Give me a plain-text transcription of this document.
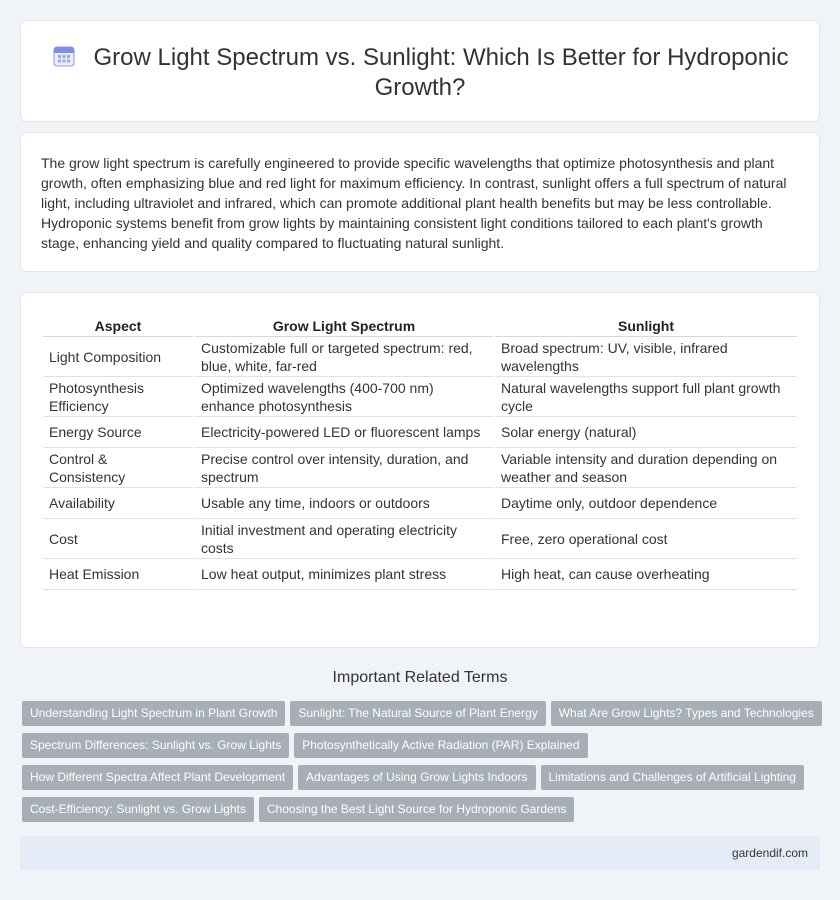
Grow Light Spectrum vs. Sunlight: Which Is Better for Hydroponic Growth?

The grow light spectrum is carefully engineered to provide specific wavelengths that optimize photosynthesis and plant growth, often emphasizing blue and red light for maximum efficiency. In contrast, sunlight offers a full spectrum of natural light, including ultraviolet and infrared, which can promote additional plant health benefits but may be less controllable. Hydroponic systems benefit from grow lights by maintaining consistent light conditions tailored to each plant's growth stage, enhancing yield and quality compared to fluctuating natural sunlight.

Aspect	Grow Light Spectrum	Sunlight
Light Composition	Customizable full or targeted spectrum: red, blue, white, far-red	Broad spectrum: UV, visible, infrared wavelengths
Photosynthesis Efficiency	Optimized wavelengths (400-700 nm) enhance photosynthesis	Natural wavelengths support full plant growth cycle
Energy Source	Electricity-powered LED or fluorescent lamps	Solar energy (natural)
Control & Consistency	Precise control over intensity, duration, and spectrum	Variable intensity and duration depending on weather and season
Availability	Usable any time, indoors or outdoors	Daytime only, outdoor dependence
Cost	Initial investment and operating electricity costs	Free, zero operational cost
Heat Emission	Low heat output, minimizes plant stress	High heat, can cause overheating
Important Related Terms
Understanding Light Spectrum in Plant Growth Sunlight: The Natural Source of Plant Energy What Are Grow Lights? Types and Technologies
Spectrum Differences: Sunlight vs. Grow Lights Photosynthetically Active Radiation (PAR) Explained
How Different Spectra Affect Plant Development Advantages of Using Grow Lights Indoors Limitations and Challenges of Artificial Lighting
Cost-Efficiency: Sunlight vs. Grow Lights Choosing the Best Light Source for Hydroponic Gardens
gardendif.com
